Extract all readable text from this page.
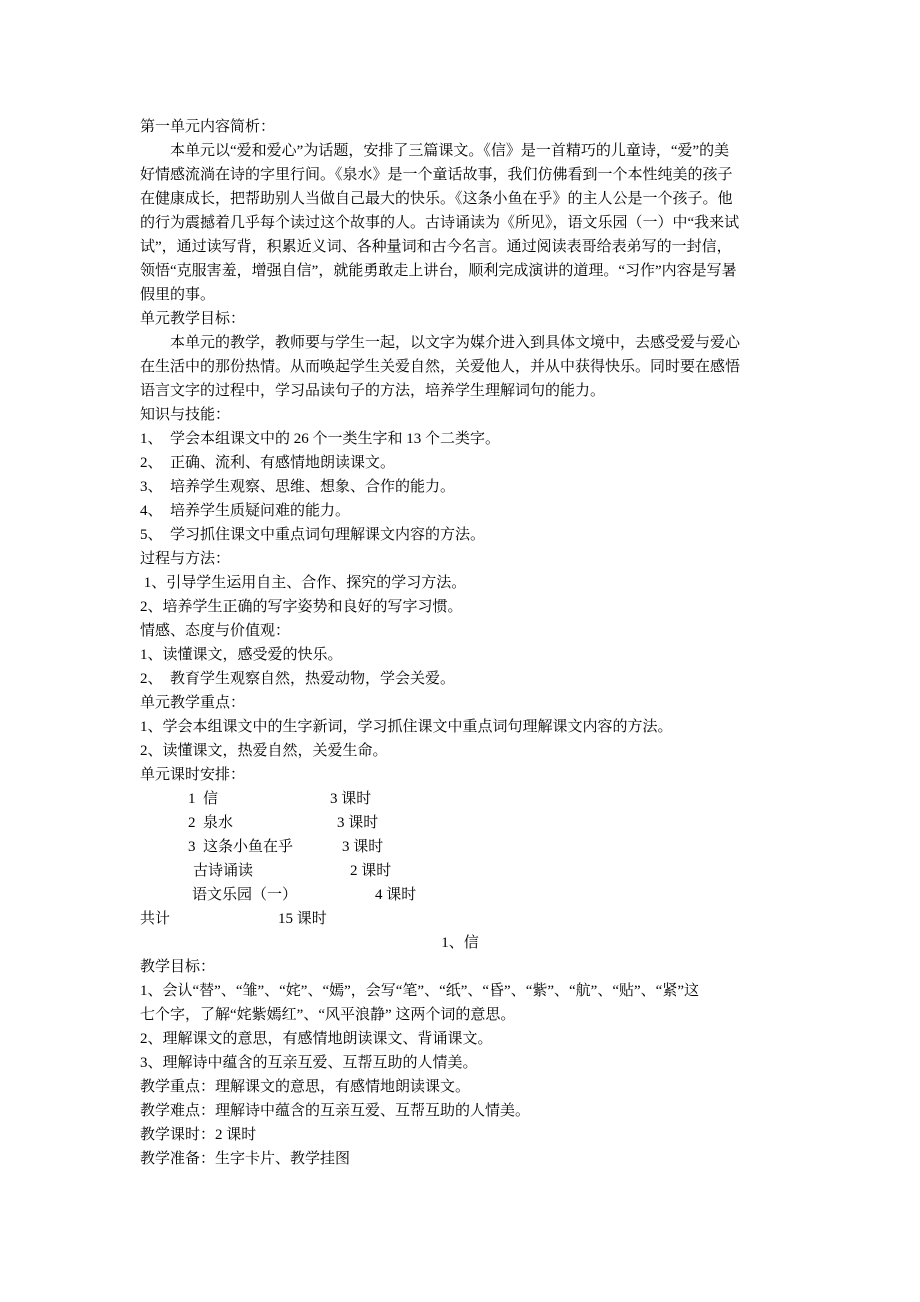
第一单元内容简析：
本单元以“爱和爱心”为话题，安排了三篇课文。《信》是一首精巧的儿童诗，“爱”的美
好情感流淌在诗的字里行间。《泉水》是一个童话故事，我们仿佛看到一个本性纯美的孩子
在健康成长，把帮助别人当做自己最大的快乐。《这条小鱼在乎》的主人公是一个孩子。他
的行为震撼着几乎每个读过这个故事的人。古诗诵读为《所见》，语文乐园（一）中“我来试
试”，通过读写背，积累近义词、各种量词和古今名言。通过阅读表哥给表弟写的一封信，
领悟“克服害羞，增强自信”，就能勇敢走上讲台，顺利完成演讲的道理。“习作”内容是写暑
假里的事。
单元教学目标：
本单元的教学，教师要与学生一起，以文字为媒介进入到具体文境中，去感受爱与爱心
在生活中的那份热情。从而唤起学生关爱自然，关爱他人，并从中获得快乐。同时要在感悟
语言文字的过程中，学习品读句子的方法，培养学生理解词句的能力。
知识与技能：
1、  学会本组课文中的 26 个一类生字和 13 个二类字。
2、  正确、流利、有感情地朗读课文。
3、  培养学生观察、思维、想象、合作的能力。
4、  培养学生质疑问难的能力。
5、  学习抓住课文中重点词句理解课文内容的方法。
过程与方法：
1、引导学生运用自主、合作、探究的学习方法。
2、培养学生正确的写字姿势和良好的写字习惯。
情感、态度与价值观：
1、读懂课文，感受爱的快乐。
2、  教育学生观察自然，热爱动物，学会关爱。
单元教学重点：
1、学会本组课文中的生字新词，学习抓住课文中重点词句理解课文内容的方法。
2、读懂课文，热爱自然，关爱生命。
单元课时安排：
1  信	3 课时
2  泉水	3 课时
3  这条小鱼在乎	3 课时
古诗诵读	2 课时
语文乐园（一）	4 课时
共计	15 课时
1、信
教学目标：
1、会认“替”、“雏”、“姹”、“嫣”，会写“笔”、“纸”、“昏”、“紫”、“航”、“贴”、“紧”这
七个字，了解“姹紫嫣红”、“风平浪静” 这两个词的意思。
2、理解课文的意思，有感情地朗读课文、背诵课文。
3、理解诗中蕴含的互亲互爱、互帮互助的人情美。
教学重点：理解课文的意思，有感情地朗读课文。
教学难点：理解诗中蕴含的互亲互爱、互帮互助的人情美。
教学课时：2 课时
教学准备：生字卡片、教学挂图
